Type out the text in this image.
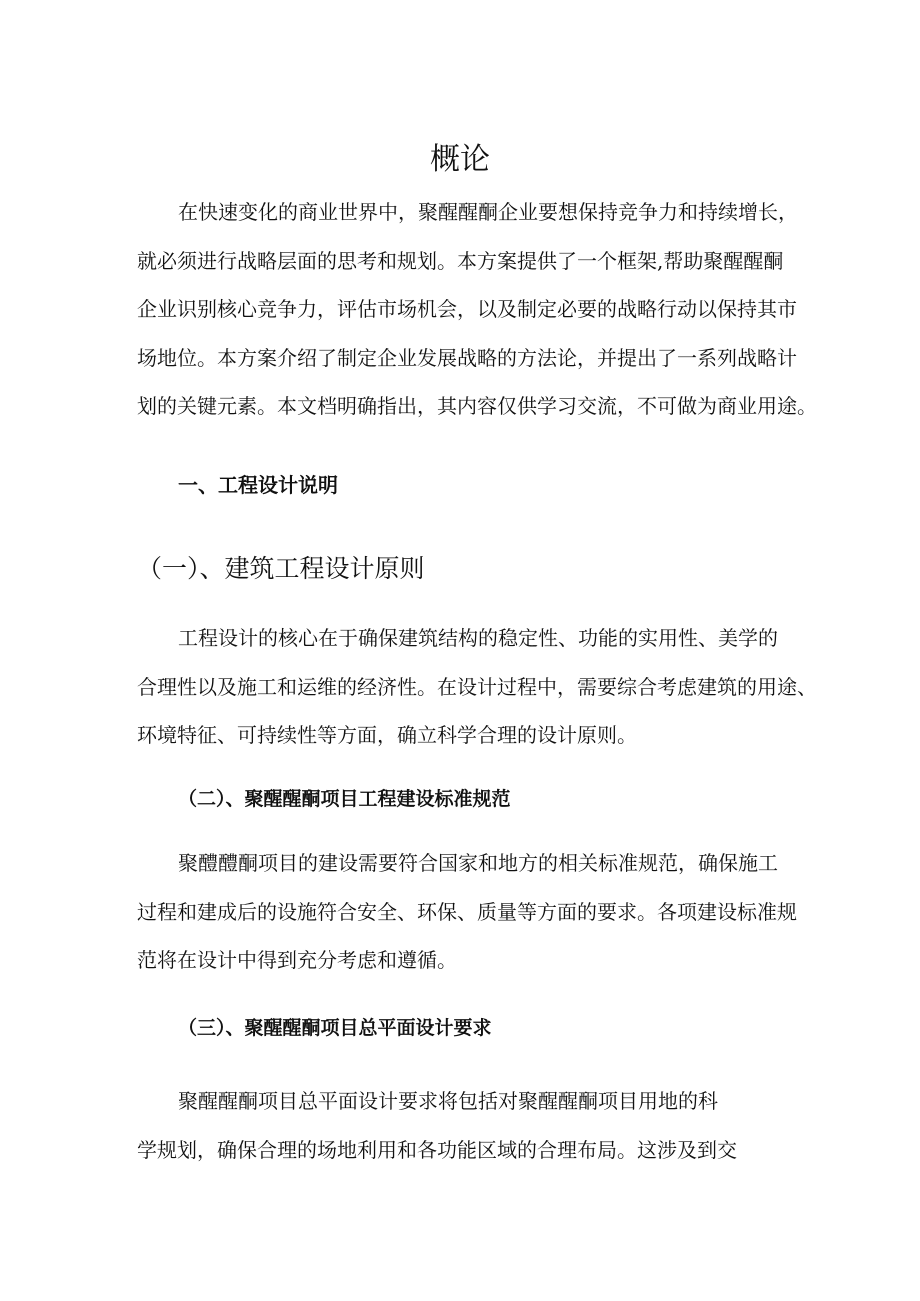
概论
在快速变化的商业世界中，聚醒醒酮企业要想保持竞争力和持续增长，
就必须进行战略层面的思考和规划。本方案提供了一个框架,帮助聚醒醒酮
企业识别核心竞争力，评估市场机会，以及制定必要的战略行动以保持其市
场地位。本方案介绍了制定企业发展战略的方法论，并提出了一系列战略计
划的关键元素。本文档明确指出，其内容仅供学习交流，不可做为商业用途。
一、工程设计说明
（一）、建筑工程设计原则
工程设计的核心在于确保建筑结构的稳定性、功能的实用性、美学的
合理性以及施工和运维的经济性。在设计过程中，需要综合考虑建筑的用途、
环境特征、可持续性等方面，确立科学合理的设计原则。
（二）、聚醒醒酮项目工程建设标准规范
聚醴醴酮项目的建设需要符合国家和地方的相关标准规范，确保施工
过程和建成后的设施符合安全、环保、质量等方面的要求。各项建设标准规
范将在设计中得到充分考虑和遵循。
（三）、聚醒醒酮项目总平面设计要求
聚醒醒酮项目总平面设计要求将包括对聚醒醒酮项目用地的科
学规划，确保合理的场地利用和各功能区域的合理布局。这涉及到交
